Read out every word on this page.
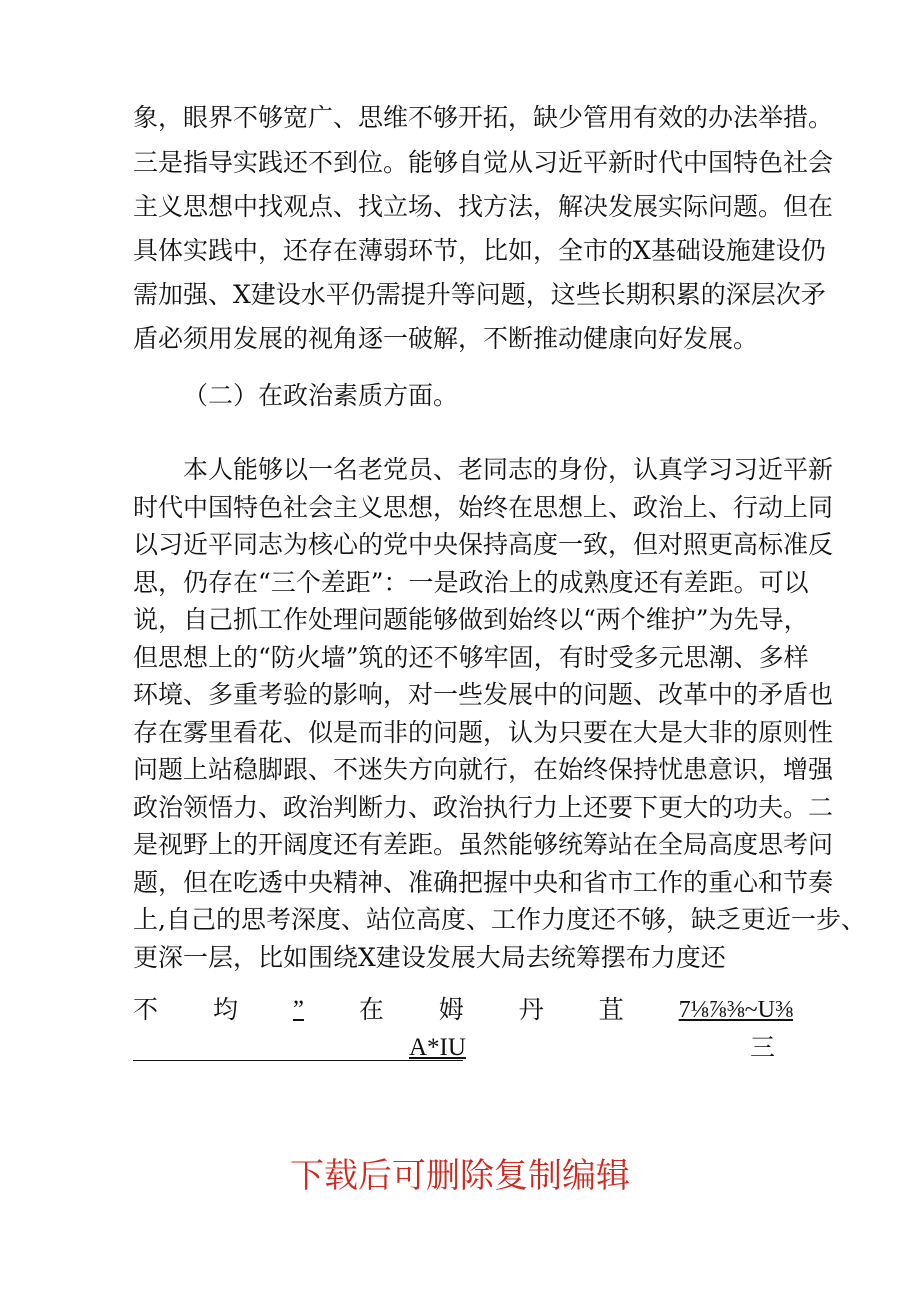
象，眼界不够宽广、思维不够开拓，缺少管用有效的办法举措。
三是指导实践还不到位。能够自觉从习近平新时代中国特色社会
主义思想中找观点、找立场、找方法，解决发展实际问题。但在
具体实践中，还存在薄弱环节，比如，全市的X基础设施建设仍
需加强、X建设水平仍需提升等问题，这些长期积累的深层次矛
盾必须用发展的视角逐一破解，不断推动健康向好发展。
（二）在政治素质方面。
　　本人能够以一名老党员、老同志的身份，认真学习习近平新
时代中国特色社会主义思想，始终在思想上、政治上、行动上同
以习近平同志为核心的党中央保持高度一致，但对照更高标准反
思，仍存在“三个差距”：一是政治上的成熟度还有差距。可以
说，自己抓工作处理问题能够做到始终以“两个维护”为先导，
但思想上的“防火墙”筑的还不够牢固，有时受多元思潮、多样
环境、多重考验的影响，对一些发展中的问题、改革中的矛盾也
存在雾里看花、似是而非的问题，认为只要在大是大非的原则性
问题上站稳脚跟、不迷失方向就行，在始终保持忧患意识，增强
政治领悟力、政治判断力、政治执行力上还要下更大的功夫。二
是视野上的开阔度还有差距。虽然能够统筹站在全局高度思考问
题，但在吃透中央精神、准确把握中央和省市工作的重心和节奏
上,自己的思考深度、站位高度、工作力度还不够，缺乏更近一步、
更深一层，比如围绕X建设发展大局去统筹摆布力度还
不 均 ” 在 姆 丹 苴 7⅛⅞⅜~U⅜
A*IU	三
下载后可删除复制编辑
